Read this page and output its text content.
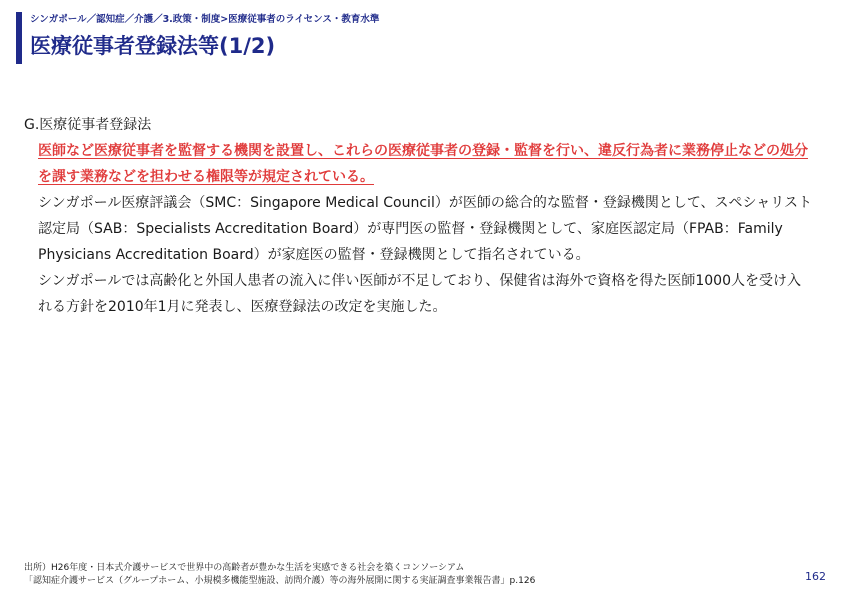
シンガポール／認知症／介護／3.政策・制度>医療従事者のライセンス・教育水準
医療従事者登録法等(1/2)

G.医療従事者登録法

医師など医療従事者を監督する機関を設置し、これらの医療従事者の登録・監督を行い、違反行為者に業務停止などの処分を課す業務などを担わせる権限等が規定されている。

シンガポール医療評議会（SMC：Singapore Medical Council）が医師の総合的な監督・登録機関として、スペシャリスト認定局（SAB：Specialists Accreditation Board）が専門医の監督・登録機関として、家庭医認定局（FPAB：Family Physicians Accreditation Board）が家庭医の監督・登録機関として指名されている。

シンガポールでは高齢化と外国人患者の流入に伴い医師が不足しており、保健省は海外で資格を得た医師1000人を受け入れる方針を2010年1月に発表し、医療登録法の改定を実施した。

出所）H26年度・日本式介護サービスで世界中の高齢者が豊かな生活を実感できる社会を築くコンソーシアム

「認知症介護サービス（グループホーム、小規模多機能型施設、訪問介護）等の海外展開に関する実証調査事業報告書」p.126	162
